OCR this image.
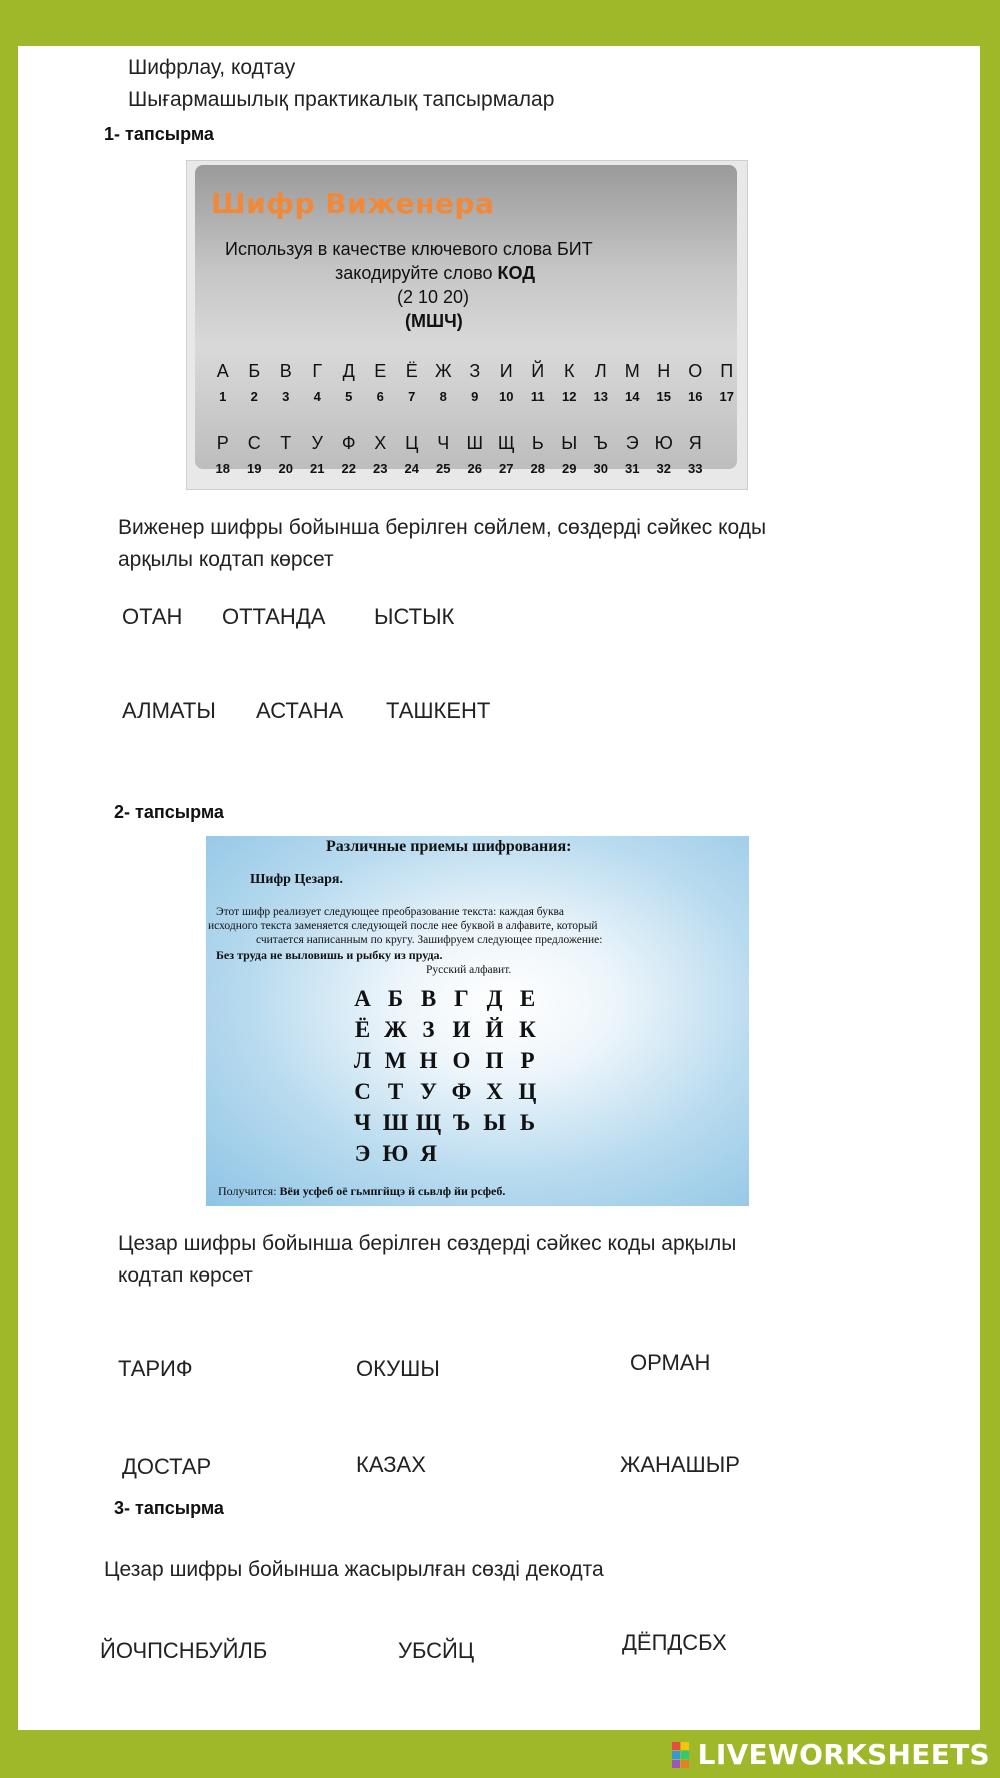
Шифрлау, кодтау
Шығармашылық практикалық тапсырмалар
1- тапсырма
Шифр Виженера
Используя в качестве ключевого слова БИТ
закодируйте слово КОД
(2 10 20)
(МШЧ)
А	Б	В	Г	Д	Е	Ё Ж З	И	Й	К	Л	М Н О	П
1	2	3	4	5	6	7	8	9	10	11	12	13	14	15	16	17
Р	С	Т	У	Ф	Х	Ц	Ч Ш Щ Ь Ы Ъ Э Ю Я
18	19	20	21	22	23	24	25	26	27	28	29	30	31	32	33
Виженер шифры бойынша берілген сөйлем, сөздерді сәйкес коды арқылы кодтап көрсет
ОТАН ОТТАНДА ЫСТЫК
АЛМАТЫ АСТАНА ТАШКЕНТ
2- тапсырма
Различные приемы шифрования:
Шифр Цезаря.
Этот шифр реализует следующее преобразование текста: каждая буква
исходного текста заменяется следующей после нее буквой в алфавите, который
считается написанным по кругу. Зашифруем следующее предложение:
Без труда не выловишь и рыбку из пруда.
Русский алфавит.
А Б В Г Д Е
Ё Ж З И Й К
Л М Н О П Р
С Т У Ф Х Ц
Ч Ш Щ Ъ Ы Ь
Э Ю Я
Получится: Вёи усфеб оё гьмпгйщэ й сьвлф йи рсфеб.
Цезар шифры бойынша берілген сөздерді сәйкес коды арқылы кодтап көрсет
ТАРИФ	ОКУШЫ	ОРМАН
ДОСТАР	КАЗАХ	ЖАНАШЫР
3- тапсырма
Цезар шифры бойынша жасырылған сөзді декодта
ЙОЧПСНБУЙЛБ	УБСЙЦ	ДЁПДСБХ
LIVEWORKSHEETS
